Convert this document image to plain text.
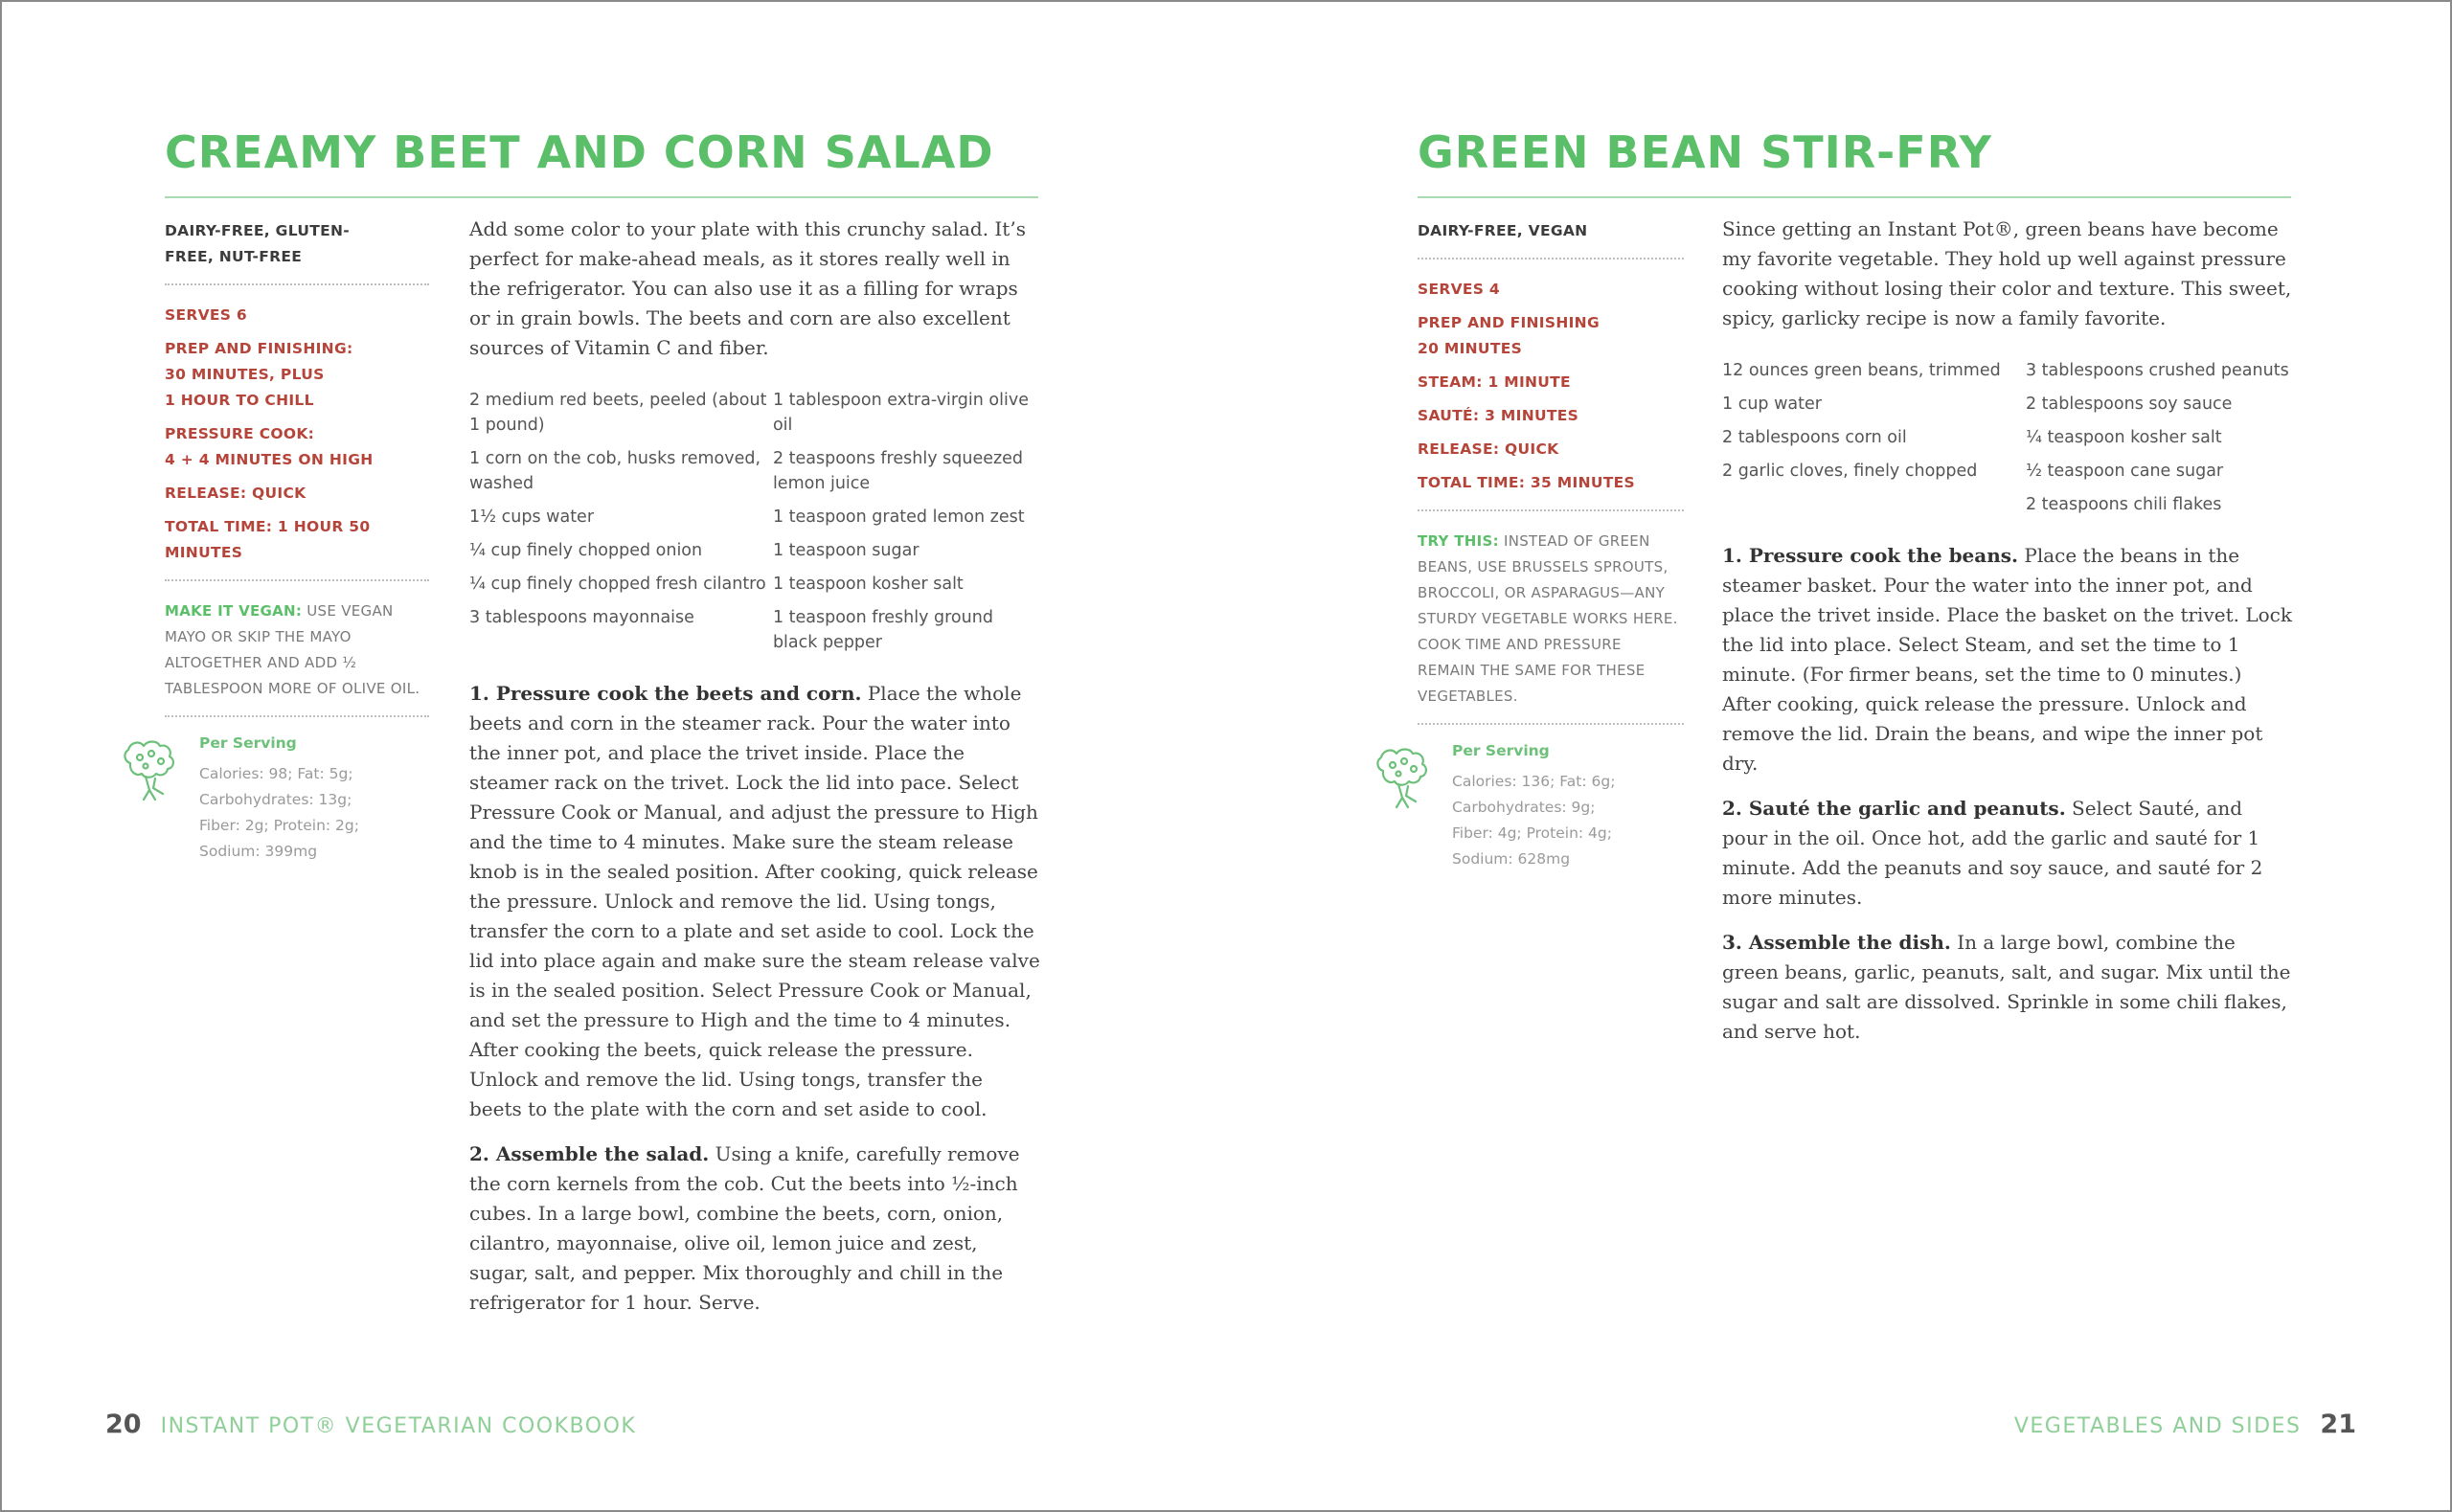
CREAMY BEET AND CORN SALAD
DAIRY-FREE, GLUTEN-
FREE, NUT-FREE
SERVES 6
PREP AND FINISHING:
30 MINUTES, PLUS
1 HOUR TO CHILL
PRESSURE COOK:
4 + 4 MINUTES ON HIGH
RELEASE: QUICK
TOTAL TIME: 1 HOUR 50 MINUTES
MAKE IT VEGAN: USE VEGAN MAYO OR SKIP THE MAYO ALTOGETHER AND ADD ½ TABLESPOON MORE OF OLIVE OIL.
Per Serving
Calories: 98; Fat: 5g;
Carbohydrates: 13g;
Fiber: 2g; Protein: 2g;
Sodium: 399mg

Add some color to your plate with this crunchy salad. It’s perfect for make-ahead meals, as it stores really well in the refrigerator. You can also use it as a filling for wraps or in grain bowls. The beets and corn are also excellent sources of Vitamin C and fiber.

2 medium red beets, peeled (about 1 pound)
1 corn on the cob, husks removed, washed
1½ cups water
¼ cup finely chopped onion
¼ cup finely chopped fresh cilantro
3 tablespoons mayonnaise
1 tablespoon extra-virgin olive oil
2 teaspoons freshly squeezed lemon juice
1 teaspoon grated lemon zest
1 teaspoon sugar
1 teaspoon kosher salt
1 teaspoon freshly ground black pepper

1. Pressure cook the beets and corn. Place the whole beets and corn in the steamer rack. Pour the water into the inner pot, and place the trivet inside. Place the steamer rack on the trivet. Lock the lid into pace. Select Pressure Cook or Manual, and adjust the pressure to High and the time to 4 minutes. Make sure the steam release knob is in the sealed position. After cooking, quick release the pressure. Unlock and remove the lid. Using tongs, transfer the corn to a plate and set aside to cool. Lock the lid into place again and make sure the steam release valve is in the sealed position. Select Pressure Cook or Manual, and set the pressure to High and the time to 4 minutes. After cooking the beets, quick release the pressure. Unlock and remove the lid. Using tongs, transfer the beets to the plate with the corn and set aside to cool.

2. Assemble the salad. Using a knife, carefully remove the corn kernels from the cob. Cut the beets into ½-inch cubes. In a large bowl, combine the beets, corn, onion, cilantro, mayonnaise, olive oil, lemon juice and zest, sugar, salt, and pepper. Mix thoroughly and chill in the refrigerator for 1 hour. Serve.

20 INSTANT POT® VEGETARIAN COOKBOOK
GREEN BEAN STIR-FRY
DAIRY-FREE, VEGAN
SERVES 4
PREP AND FINISHING
20 MINUTES
STEAM: 1 MINUTE
SAUTÉ: 3 MINUTES
RELEASE: QUICK
TOTAL TIME: 35 MINUTES
TRY THIS: INSTEAD OF GREEN BEANS, USE BRUSSELS SPROUTS, BROCCOLI, OR ASPARAGUS—ANY STURDY VEGETABLE WORKS HERE. COOK TIME AND PRESSURE REMAIN THE SAME FOR THESE VEGETABLES.
Per Serving
Calories: 136; Fat: 6g;
Carbohydrates: 9g;
Fiber: 4g; Protein: 4g;
Sodium: 628mg

Since getting an Instant Pot®, green beans have become my favorite vegetable. They hold up well against pressure cooking without losing their color and texture. This sweet, spicy, garlicky recipe is now a family favorite.

12 ounces green beans, trimmed
1 cup water
2 tablespoons corn oil
2 garlic cloves, finely chopped
3 tablespoons crushed peanuts
2 tablespoons soy sauce
¼ teaspoon kosher salt
½ teaspoon cane sugar
2 teaspoons chili flakes

1. Pressure cook the beans. Place the beans in the steamer basket. Pour the water into the inner pot, and place the trivet inside. Place the basket on the trivet. Lock the lid into place. Select Steam, and set the time to 1 minute. (For firmer beans, set the time to 0 minutes.) After cooking, quick release the pressure. Unlock and remove the lid. Drain the beans, and wipe the inner pot dry.

2. Sauté the garlic and peanuts. Select Sauté, and pour in the oil. Once hot, add the garlic and sauté for 1 minute. Add the peanuts and soy sauce, and sauté for 2 more minutes.

3. Assemble the dish. In a large bowl, combine the green beans, garlic, peanuts, salt, and sugar. Mix until the sugar and salt are dissolved. Sprinkle in some chili flakes, and serve hot.

VEGETABLES AND SIDES 21
